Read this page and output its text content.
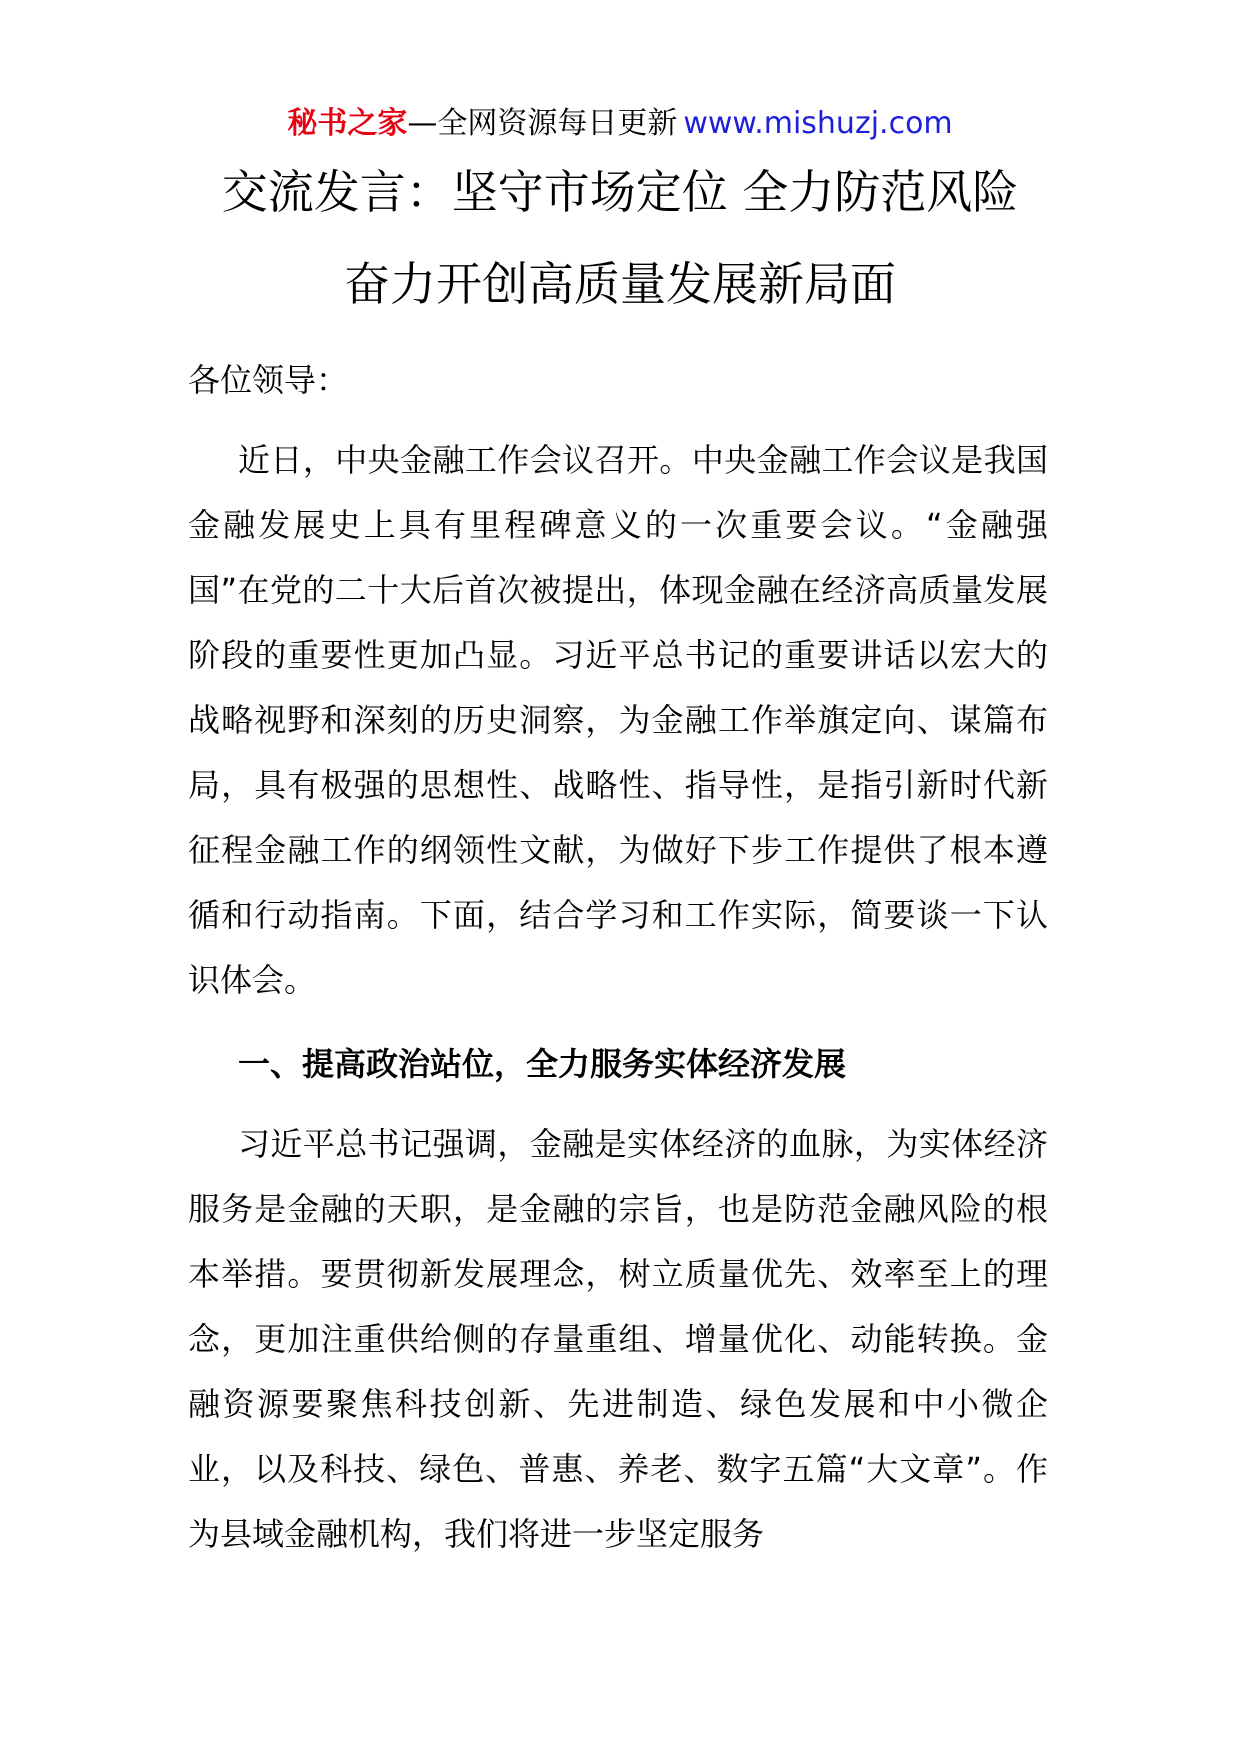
秘书之家—全网资源每日更新 www.mishuzj.com
交流发言：坚守市场定位 全力防范风险
奋力开创高质量发展新局面
各位领导：
近日，中央金融工作会议召开。中央金融工作会议是我国金融发展史上具有里程碑意义的一次重要会议。“金融强国”在党的二十大后首次被提出，体现金融在经济高质量发展阶段的重要性更加凸显。习近平总书记的重要讲话以宏大的战略视野和深刻的历史洞察，为金融工作举旗定向、谋篇布局，具有极强的思想性、战略性、指导性，是指引新时代新征程金融工作的纲领性文献，为做好下步工作提供了根本遵循和行动指南。下面，结合学习和工作实际，简要谈一下认识体会。
一、提高政治站位，全力服务实体经济发展
习近平总书记强调，金融是实体经济的血脉，为实体经济服务是金融的天职，是金融的宗旨，也是防范金融风险的根本举措。要贯彻新发展理念，树立质量优先、效率至上的理念，更加注重供给侧的存量重组、增量优化、动能转换。金融资源要聚焦科技创新、先进制造、绿色发展和中小微企业，以及科技、绿色、普惠、养老、数字五篇“大文章”。作为县域金融机构，我们将进一步坚定服务
